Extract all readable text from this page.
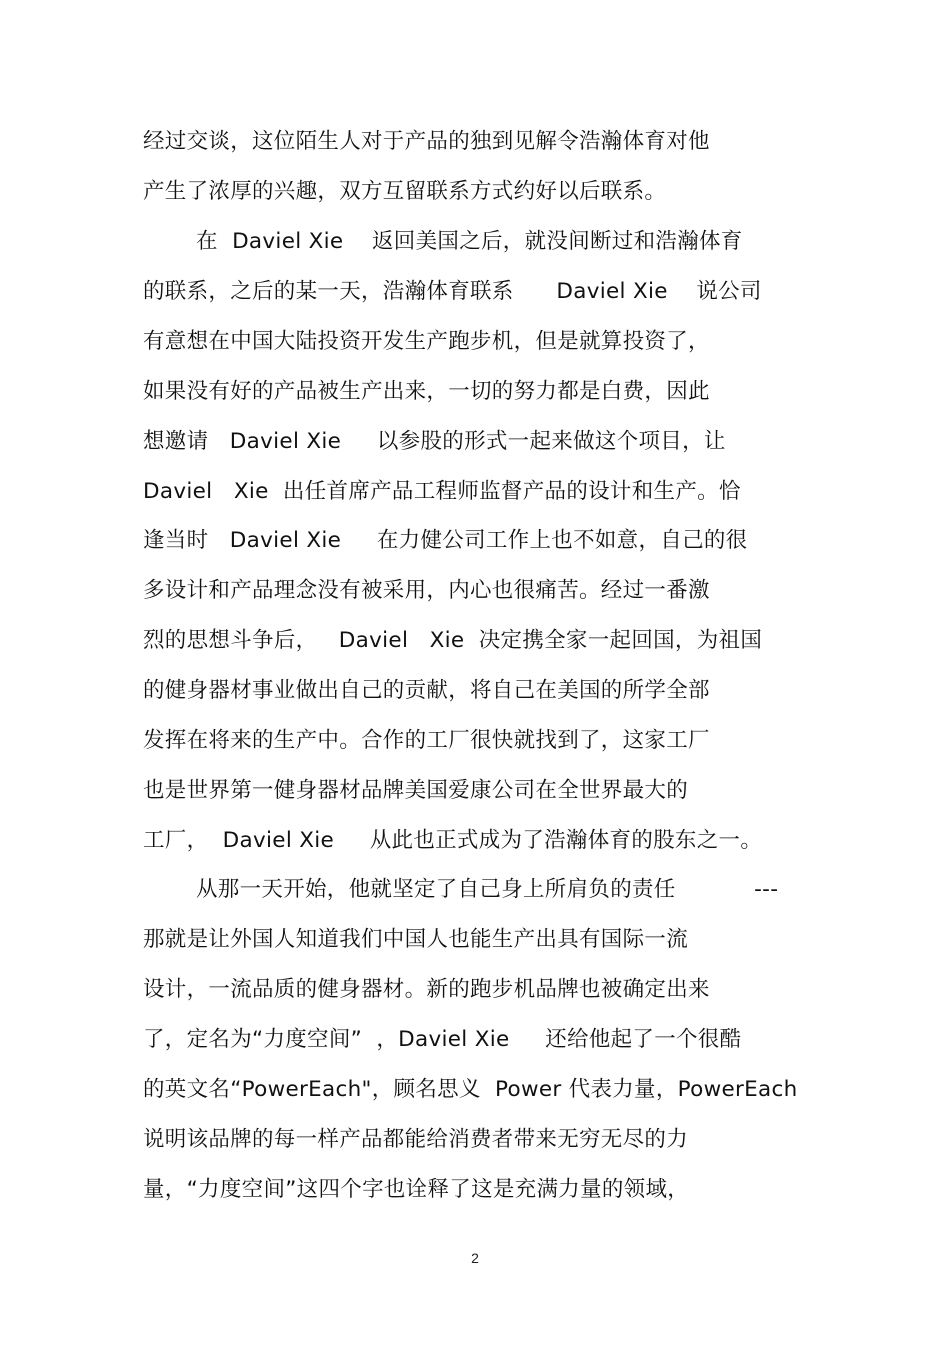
经过交谈，这位陌生人对于产品的独到见解令浩瀚体育对他
产生了浓厚的兴趣，双方互留联系方式约好以后联系。
在  Daviel Xie    返回美国之后，就没间断过和浩瀚体育
的联系，之后的某一天，浩瀚体育联系      Daviel Xie    说公司
有意想在中国大陆投资开发生产跑步机，但是就算投资了，
如果没有好的产品被生产出来，一切的努力都是白费，因此
想邀请   Daviel Xie     以参股的形式一起来做这个项目，让
Daviel   Xie  出任首席产品工程师监督产品的设计和生产。恰
逢当时   Daviel Xie     在力健公司工作上也不如意，自己的很
多设计和产品理念没有被采用，内心也很痛苦。经过一番激
烈的思想斗争后，   Daviel   Xie  决定携全家一起回国，为祖国
的健身器材事业做出自己的贡献，将自己在美国的所学全部
发挥在将来的生产中。合作的工厂很快就找到了，这家工厂
也是世界第一健身器材品牌美国爱康公司在全世界最大的
工厂，  Daviel Xie     从此也正式成为了浩瀚体育的股东之一。
从那一天开始，他就坚定了自己身上所肩负的责任           ---
那就是让外国人知道我们中国人也能生产出具有国际一流
设计，一流品质的健身器材。新的跑步机品牌也被确定出来
了，定名为“力度空间”  ，Daviel Xie     还给他起了一个很酷
的英文名“PowerEach"，顾名思义  Power 代表力量，PowerEach
说明该品牌的每一样产品都能给消费者带来无穷无尽的力
量，“力度空间”这四个字也诠释了这是充满力量的领域，
2
